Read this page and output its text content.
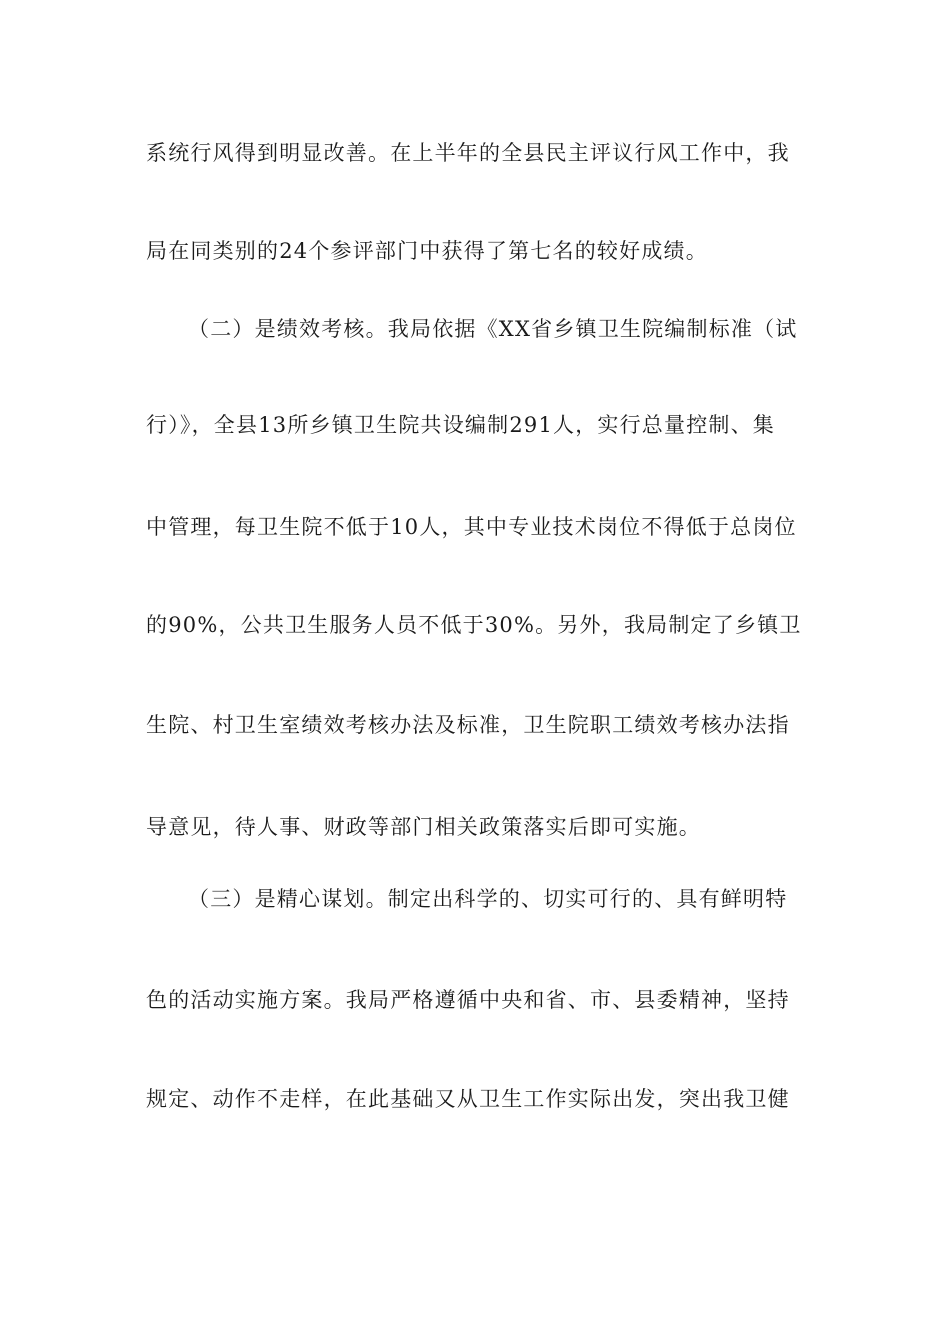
系统行风得到明显改善。在上半年的全县民主评议行风工作中，我
局在同类别的24个参评部门中获得了第七名的较好成绩。
（二）是绩效考核。我局依据《XX省乡镇卫生院编制标准（试
行）》，全县13所乡镇卫生院共设编制291人，实行总量控制、集
中管理，每卫生院不低于10人，其中专业技术岗位不得低于总岗位
的90%，公共卫生服务人员不低于30%。另外，我局制定了乡镇卫
生院、村卫生室绩效考核办法及标准，卫生院职工绩效考核办法指
导意见，待人事、财政等部门相关政策落实后即可实施。
（三）是精心谋划。制定出科学的、切实可行的、具有鲜明特
色的活动实施方案。我局严格遵循中央和省、市、县委精神，坚持
规定、动作不走样，在此基础又从卫生工作实际出发，突出我卫健
